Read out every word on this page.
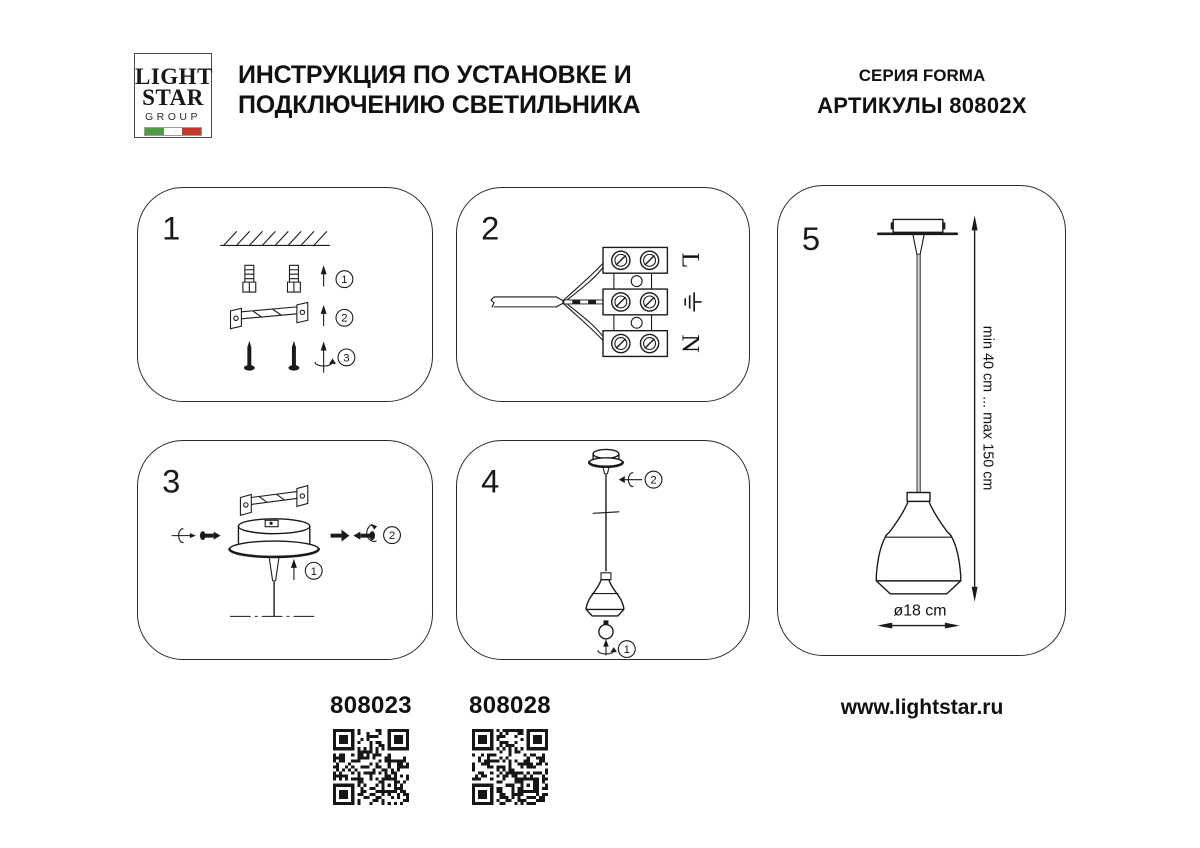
LIGHT
STAR
GROUP
ИНСТРУКЦИЯ ПО УСТАНОВКЕ И
ПОДКЛЮЧЕНИЮ СВЕТИЛЬНИКА
СЕРИЯ FORMA
АРТИКУЛЫ 80802X
1
1
2
3
2
L
N
3
2
1
4	2
1
5
min 40 cm ... max 150 cm
ø18 cm
808023	808028	www.lightstar.ru
